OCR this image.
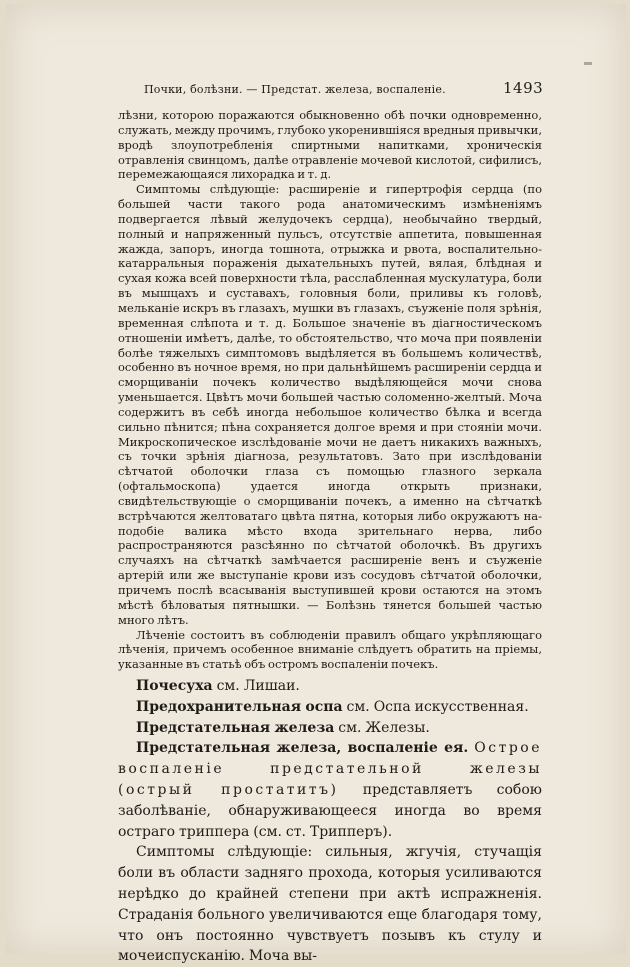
Почки, болѣзни. — Предстат. железа, воспаленіе.	1493

лѣзни, которою поражаются обыкновенно обѣ почки одновременно, служать, между прочимъ, глубоко укоренившіяся вредныя привычки, вродѣ злоупотребленія спиртными напитками, хроническія отравленія свинцомъ, далѣе отравленіе мочевой кислотой, сифилисъ, перемежающаяся лихорадка и т. д.

Симптомы слѣдующіе: расширеніе и гипертрофія сердца (по большей части такого рода анатомическимъ измѣненіямъ подвергается лѣвый желудочекъ сердца), необычайно твердый, полный и напряженный пульсъ, отсутствіе аппетита, повышенная жажда, запоръ, иногда тошнота, отрыжка и рвота, воспалительно-катарральныя пораженія дыхательныхъ путей, вялая, блѣдная и сухая кожа всей поверхности тѣла, расслабленная мускулатура, боли въ мышцахъ и суставахъ, головныя боли, приливы къ головѣ, мельканіе искръ въ глазахъ, мушки въ глазахъ, съуженіе поля зрѣнія, временная слѣпота и т. д. Большое значеніе въ діагностическомъ отношеніи имѣетъ, далѣе, то обстоятельство, что моча при появленіи болѣе тяжелыхъ симптомовъ выдѣляется въ большемъ количествѣ, особенно въ ночное время, но при дальнѣйшемъ расширеніи сердца и сморщиваніи почекъ количество выдѣляющейся мочи снова уменьшается. Цвѣтъ мочи большей частью соломенно-желтый. Моча содержитъ въ себѣ иногда небольшое количество бѣлка и всегда сильно пѣнится; пѣна сохраняется долгое время и при стояніи мочи. Микроскопическое изслѣдованіе мочи не даетъ никакихъ важныхъ, съ точки зрѣнія діагноза, результатовъ. Зато при изслѣдованіи сѣтчатой оболочки глаза съ помощью глазного зеркала (офтальмоскопа) удается иногда открыть признаки, свидѣтельствующіе о сморщиваніи почекъ, а именно на сѣтчаткѣ встрѣчаются желтоватаго цвѣта пятна, которыя либо окружаютъ на-подобіе валика мѣсто входа зрительнаго нерва, либо распространяются разсѣянно по сѣтчатой оболочкѣ. Въ другихъ случаяхъ на сѣтчаткѣ замѣчается расширеніе венъ и съуженіе артерій или же выступаніе крови изъ сосудовъ сѣтчатой оболочки, причемъ послѣ всасыванія выступившей крови остаются на этомъ мѣстѣ бѣловатыя пятнышки. — Болѣзнь тянется большей частью много лѣтъ.

Лѣченіе состоитъ въ соблюденіи правилъ общаго укрѣпляющаго лѣченія, причемъ особенное вниманіе слѣдуетъ обратить на пріемы, указанные въ статьѣ объ остромъ воспаленіи почекъ.

Почесуха см. Лишаи.

Предохранительная оспа см. Оспа искусственная.

Предстательная железа см. Железы.

Предстательная железа, воспаленіе ея. Острое воспаленіе предстательной железы (острый простатитъ) представляетъ собою заболѣваніе, обнаруживающееся иногда во время остраго триппера (см. ст. Трипперъ).

Симптомы слѣдующіе: сильныя, жгучія, стучащія боли въ области задняго прохода, которыя усиливаются нерѣдко до крайней степени при актѣ испражненія. Страданія больного увеличиваются еще благодаря тому, что онъ постоянно чувствуетъ позывъ къ стулу и мочеиспусканію. Моча вы-
